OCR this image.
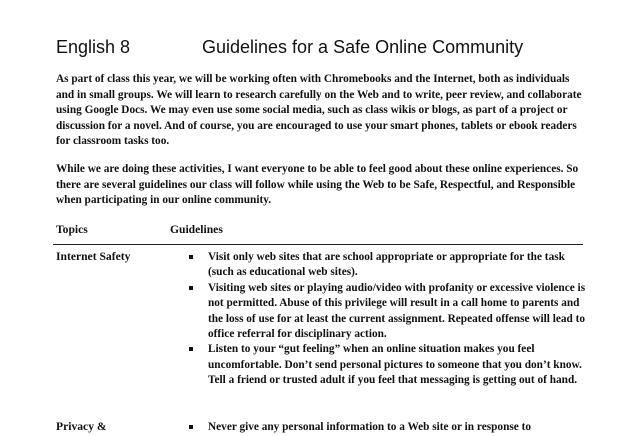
English 8	Guidelines for a Safe Online Community

As part of class this year, we will be working often with Chromebooks and the Internet, both as individuals and in small groups. We will learn to research carefully on the Web and to write, peer review, and collaborate using Google Docs. We may even use some social media, such as class wikis or blogs, as part of a project or discussion for a novel. And of course, you are encouraged to use your smart phones, tablets or ebook readers for classroom tasks too.

While we are doing these activities, I want everyone to be able to feel good about these online experiences. So there are several guidelines our class will follow while using the Web to be Safe, Respectful, and Responsible when participating in our online community.

Topics	Guidelines
Internet Safety	Visit only web sites that are school appropriate or appropriate for the task (such as educational web sites).
Visiting web sites or playing audio/video with profanity or excessive violence is not permitted. Abuse of this privilege will result in a call home to parents and the loss of use for at least the current assignment. Repeated offense will lead to office referral for disciplinary action.
Listen to your “gut feeling” when an online situation makes you feel uncomfortable. Don’t send personal pictures to someone that you don’t know. Tell a friend or trusted adult if you feel that messaging is getting out of hand.
Privacy &	Never give any personal information to a Web site or in response to
